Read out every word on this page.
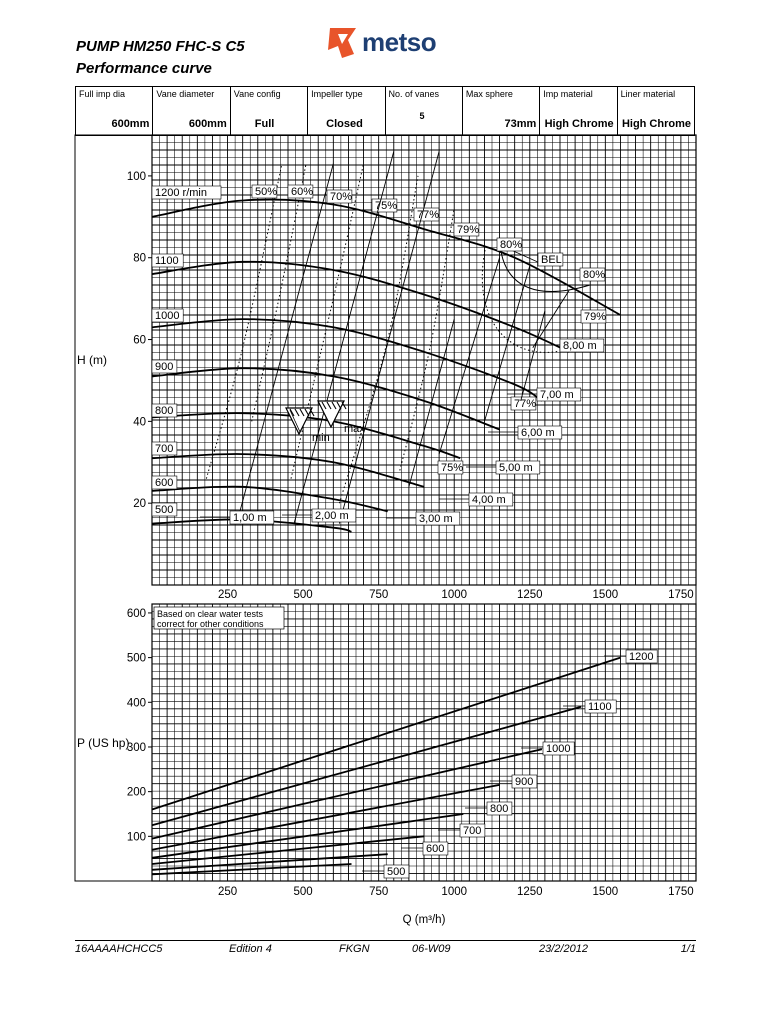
PUMP HM250 FHC-S C5
Performance curve
metso
Full imp dia
600mm

Vane diameter
600mm

Vane config
Full

Impeller type
Closed

No. of vanes
5

Max sphere
73mm

Imp material
High Chrome

Liner material
High Chrome
250
250
500
500
750
750
1000
1000
1250
1250
1500
1500
1750
1750
20
40
60
80
100
100
200
300
400
500
600
H (m)
P (US hp)
Q (m³/h)
1200 r/min
1100
1000
900
800
700
600
500
50% 60% 70%
75%
77%
79%
80%
80%
79%
77%
75%
BEL
1,00 m	2,00 m	3,00 m
4,00 m
5,00 m
6,00 m
7,00 m
8,00 m
min
max
1200
1100
1000
900
800
700
600
500
Based on clear water tests
correct for other conditions
16AAAAHCHCC5	Edition 4	FKGN	06-W09	23/2/2012	1/1
